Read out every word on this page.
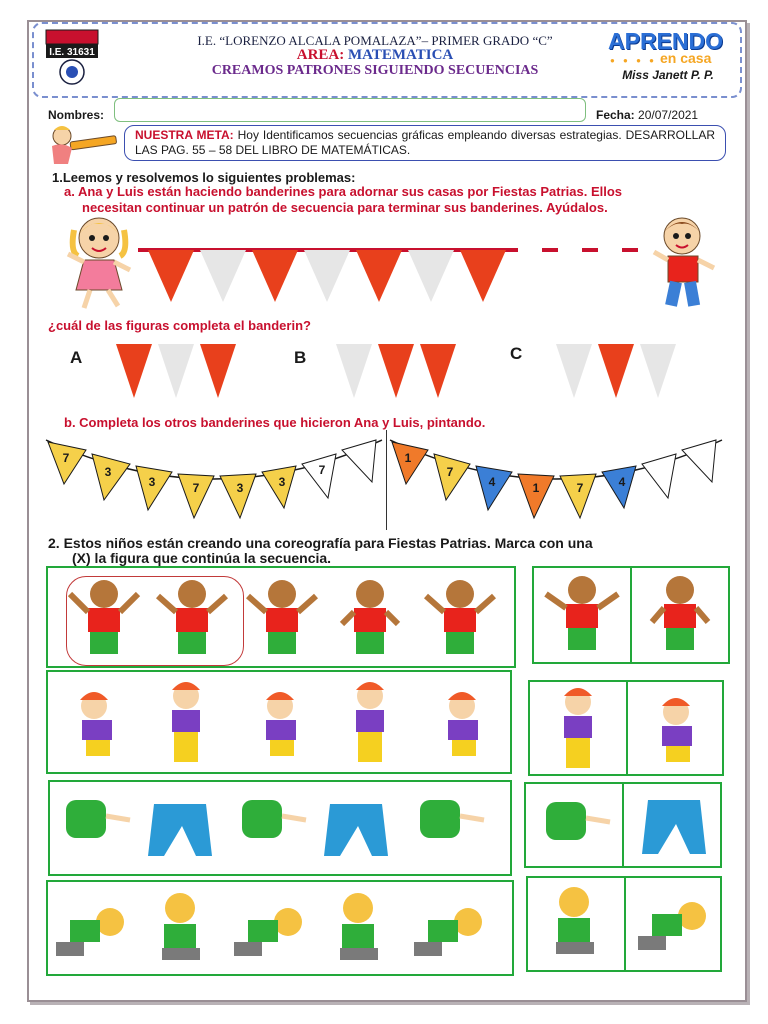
I.E. 31631
I.E. “LORENZO ALCALA POMALAZA”– PRIMER GRADO “C”
AREA: MATEMATICA
CREAMOS PATRONES SIGUIENDO SECUENCIAS
APRENDO
● ● ● ● en casa
Miss Janett P. P.
Nombres:	Fecha: 20/07/2021
NUESTRA META: Hoy Identificamos secuencias gráficas empleando diversas estrategias. DESARROLLAR LAS PAG. 55 – 58 DEL LIBRO DE MATEMÁTICAS.
1.Leemos y resolvemos lo siguientes problemas:
a. Ana y Luis están haciendo banderines para adornar sus casas por Fiestas Patrias. Ellos
necesitan continuar un patrón de secuencia para terminar sus banderines. Ayúdalos.
¿cuál de las figuras completa el banderin?
A	B	C
b. Completa los otros banderines que hicieron Ana y Luis, pintando.
7
3
3	7	3	3
7
1
7
4	1	7	4
2. Estos niños están creando una coreografía para Fiestas Patrias. Marca con una
(X) la figura que continúa la secuencia.
